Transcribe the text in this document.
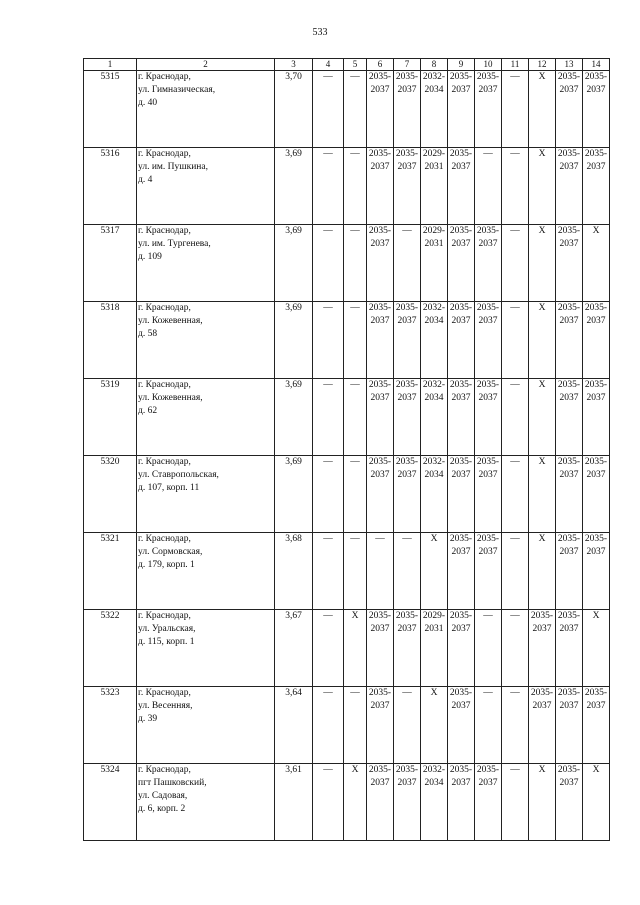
533
1	2	3	4	5	6	7	8	9	10	11	12	13	14
5315	г. Краснодар,
ул. Гимназическая,
д. 40	3,70	—	—	2035-2037	2035-2037	2032-2034	2035-2037	2035-2037	—	Х	2035-2037	2035-2037
5316	г. Краснодар,
ул. им. Пушкина,
д. 4	3,69	—	—	2035-2037	2035-2037	2029-2031	2035-2037	—	—	Х	2035-2037	2035-2037
5317	г. Краснодар,
ул. им. Тургенева,
д. 109	3,69	—	—	2035-2037	—	2029-2031	2035-2037	2035-2037	—	Х	2035-2037	Х
5318	г. Краснодар,
ул. Кожевенная,
д. 58	3,69	—	—	2035-2037	2035-2037	2032-2034	2035-2037	2035-2037	—	Х	2035-2037	2035-2037
5319	г. Краснодар,
ул. Кожевенная,
д. 62	3,69	—	—	2035-2037	2035-2037	2032-2034	2035-2037	2035-2037	—	Х	2035-2037	2035-2037
5320	г. Краснодар,
ул. Ставропольская,
д. 107, корп. 11	3,69	—	—	2035-2037	2035-2037	2032-2034	2035-2037	2035-2037	—	Х	2035-2037	2035-2037
5321	г. Краснодар,
ул. Сормовская,
д. 179, корп. 1	3,68	—	—	—	—	Х	2035-2037	2035-2037	—	Х	2035-2037	2035-2037
5322	г. Краснодар,
ул. Уральская,
д. 115, корп. 1	3,67	—	Х	2035-2037	2035-2037	2029-2031	2035-2037	—	—	2035-2037	2035-2037	Х
5323	г. Краснодар,
ул. Весенняя,
д. 39	3,64	—	—	2035-2037	—	Х	2035-2037	—	—	2035-2037	2035-2037	2035-2037
5324	г. Краснодар,
пгт Пашковский,
ул. Садовая,
д. 6, корп. 2	3,61	—	Х	2035-2037	2035-2037	2032-2034	2035-2037	2035-2037	—	Х	2035-2037	Х
